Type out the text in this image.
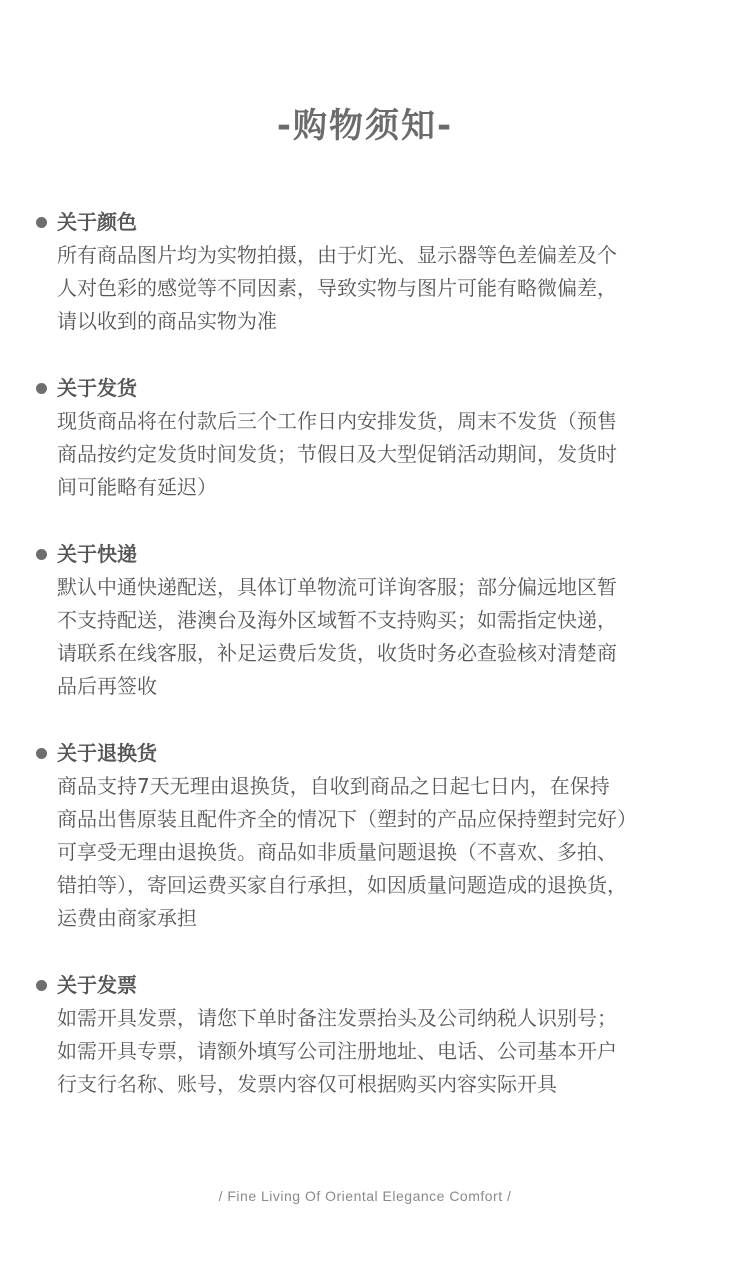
-购物须知-
关于颜色
所有商品图片均为实物拍摄，由于灯光、显示器等色差偏差及个
人对色彩的感觉等不同因素，导致实物与图片可能有略微偏差，
请以收到的商品实物为准
关于发货
现货商品将在付款后三个工作日内安排发货，周末不发货（预售
商品按约定发货时间发货；节假日及大型促销活动期间，发货时
间可能略有延迟）
关于快递
默认中通快递配送，具体订单物流可详询客服；部分偏远地区暂
不支持配送，港澳台及海外区域暂不支持购买；如需指定快递，
请联系在线客服，补足运费后发货，收货时务必查验核对清楚商
品后再签收
关于退换货
商品支持7天无理由退换货，自收到商品之日起七日内，在保持
商品出售原装且配件齐全的情况下（塑封的产品应保持塑封完好）
可享受无理由退换货。商品如非质量问题退换（不喜欢、多拍、
错拍等），寄回运费买家自行承担，如因质量问题造成的退换货，
运费由商家承担
关于发票
如需开具发票，请您下单时备注发票抬头及公司纳税人识别号；
如需开具专票，请额外填写公司注册地址、电话、公司基本开户
行支行名称、账号，发票内容仅可根据购买内容实际开具
/ Fine Living Of Oriental Elegance Comfort /
